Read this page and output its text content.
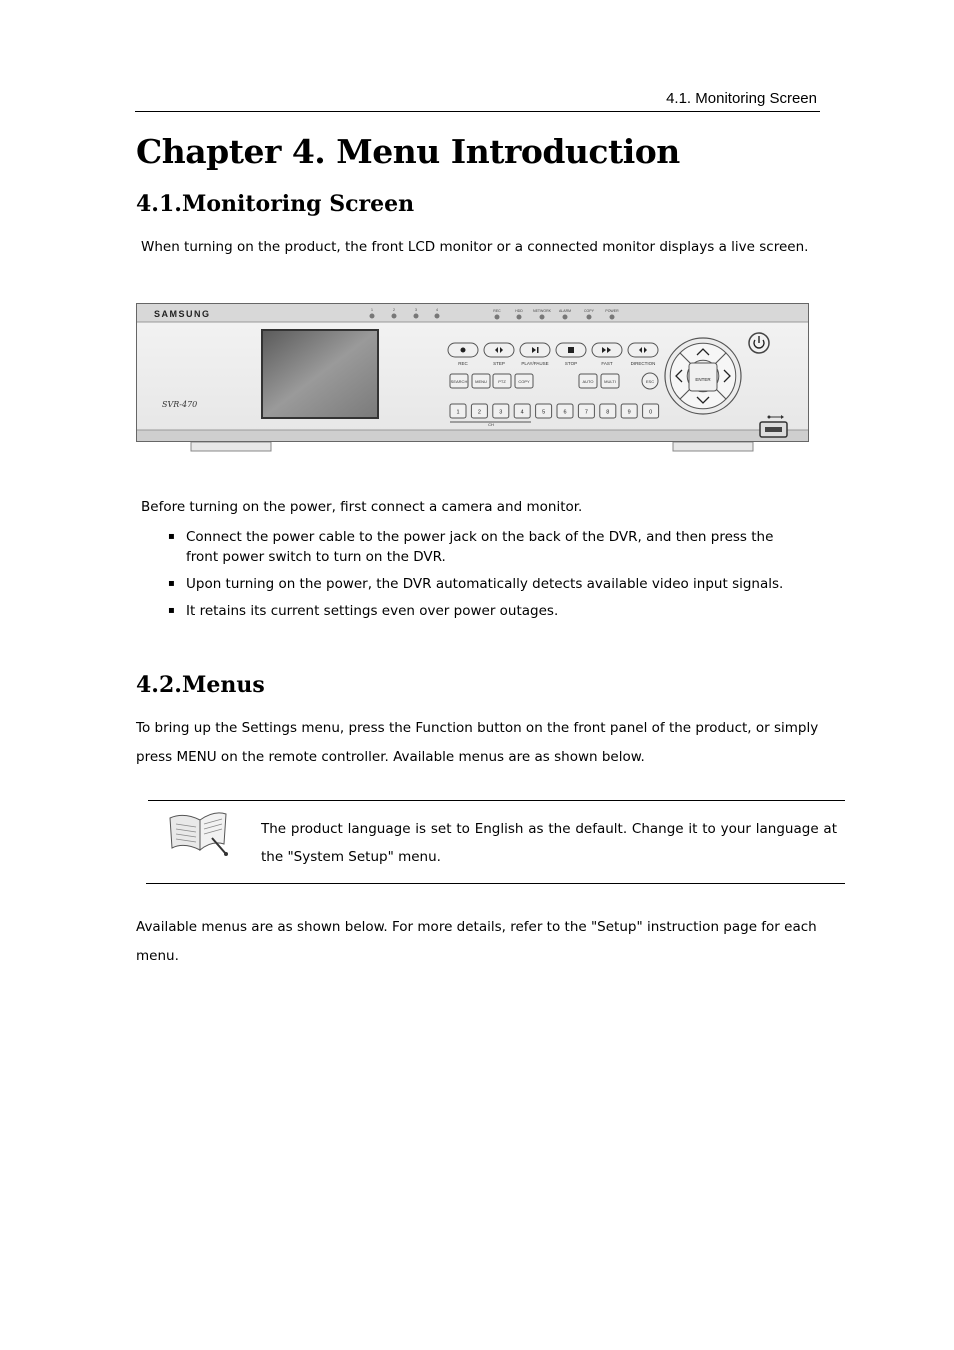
4.1. Monitoring Screen
Chapter 4. Menu Introduction
4.1.Monitoring Screen
When turning on the product, the front LCD monitor or a connected monitor displays a live screen.
SAMSUNG
SVR-470
REC	STEP	PLAY/PAUSE	STOP	FAST	DIRECTION
SEARCH MENU	PTZ	COPY	AUTO	MULTI	ESC
1	2	3	4	5	6	7	8	9	0
CH
ENTER
1	2	3	4	REC	HDD	NETWORK ALARM	COPY	POWER
Before turning on the power, first connect a camera and monitor.
▪ Connect the power cable to the power jack on the back of the DVR, and then press the front power switch to turn on the DVR.
▪ Upon turning on the power, the DVR automatically detects available video input signals.
▪ It retains its current settings even over power outages.
4.2.Menus
To bring up the Settings menu, press the Function button on the front panel of the product, or simply
press MENU on the remote controller. Available menus are as shown below.
The product language is set to English as the default. Change it to your language at the "System Setup" menu.
Available menus are as shown below. For more details, refer to the "Setup" instruction page for each
menu.
